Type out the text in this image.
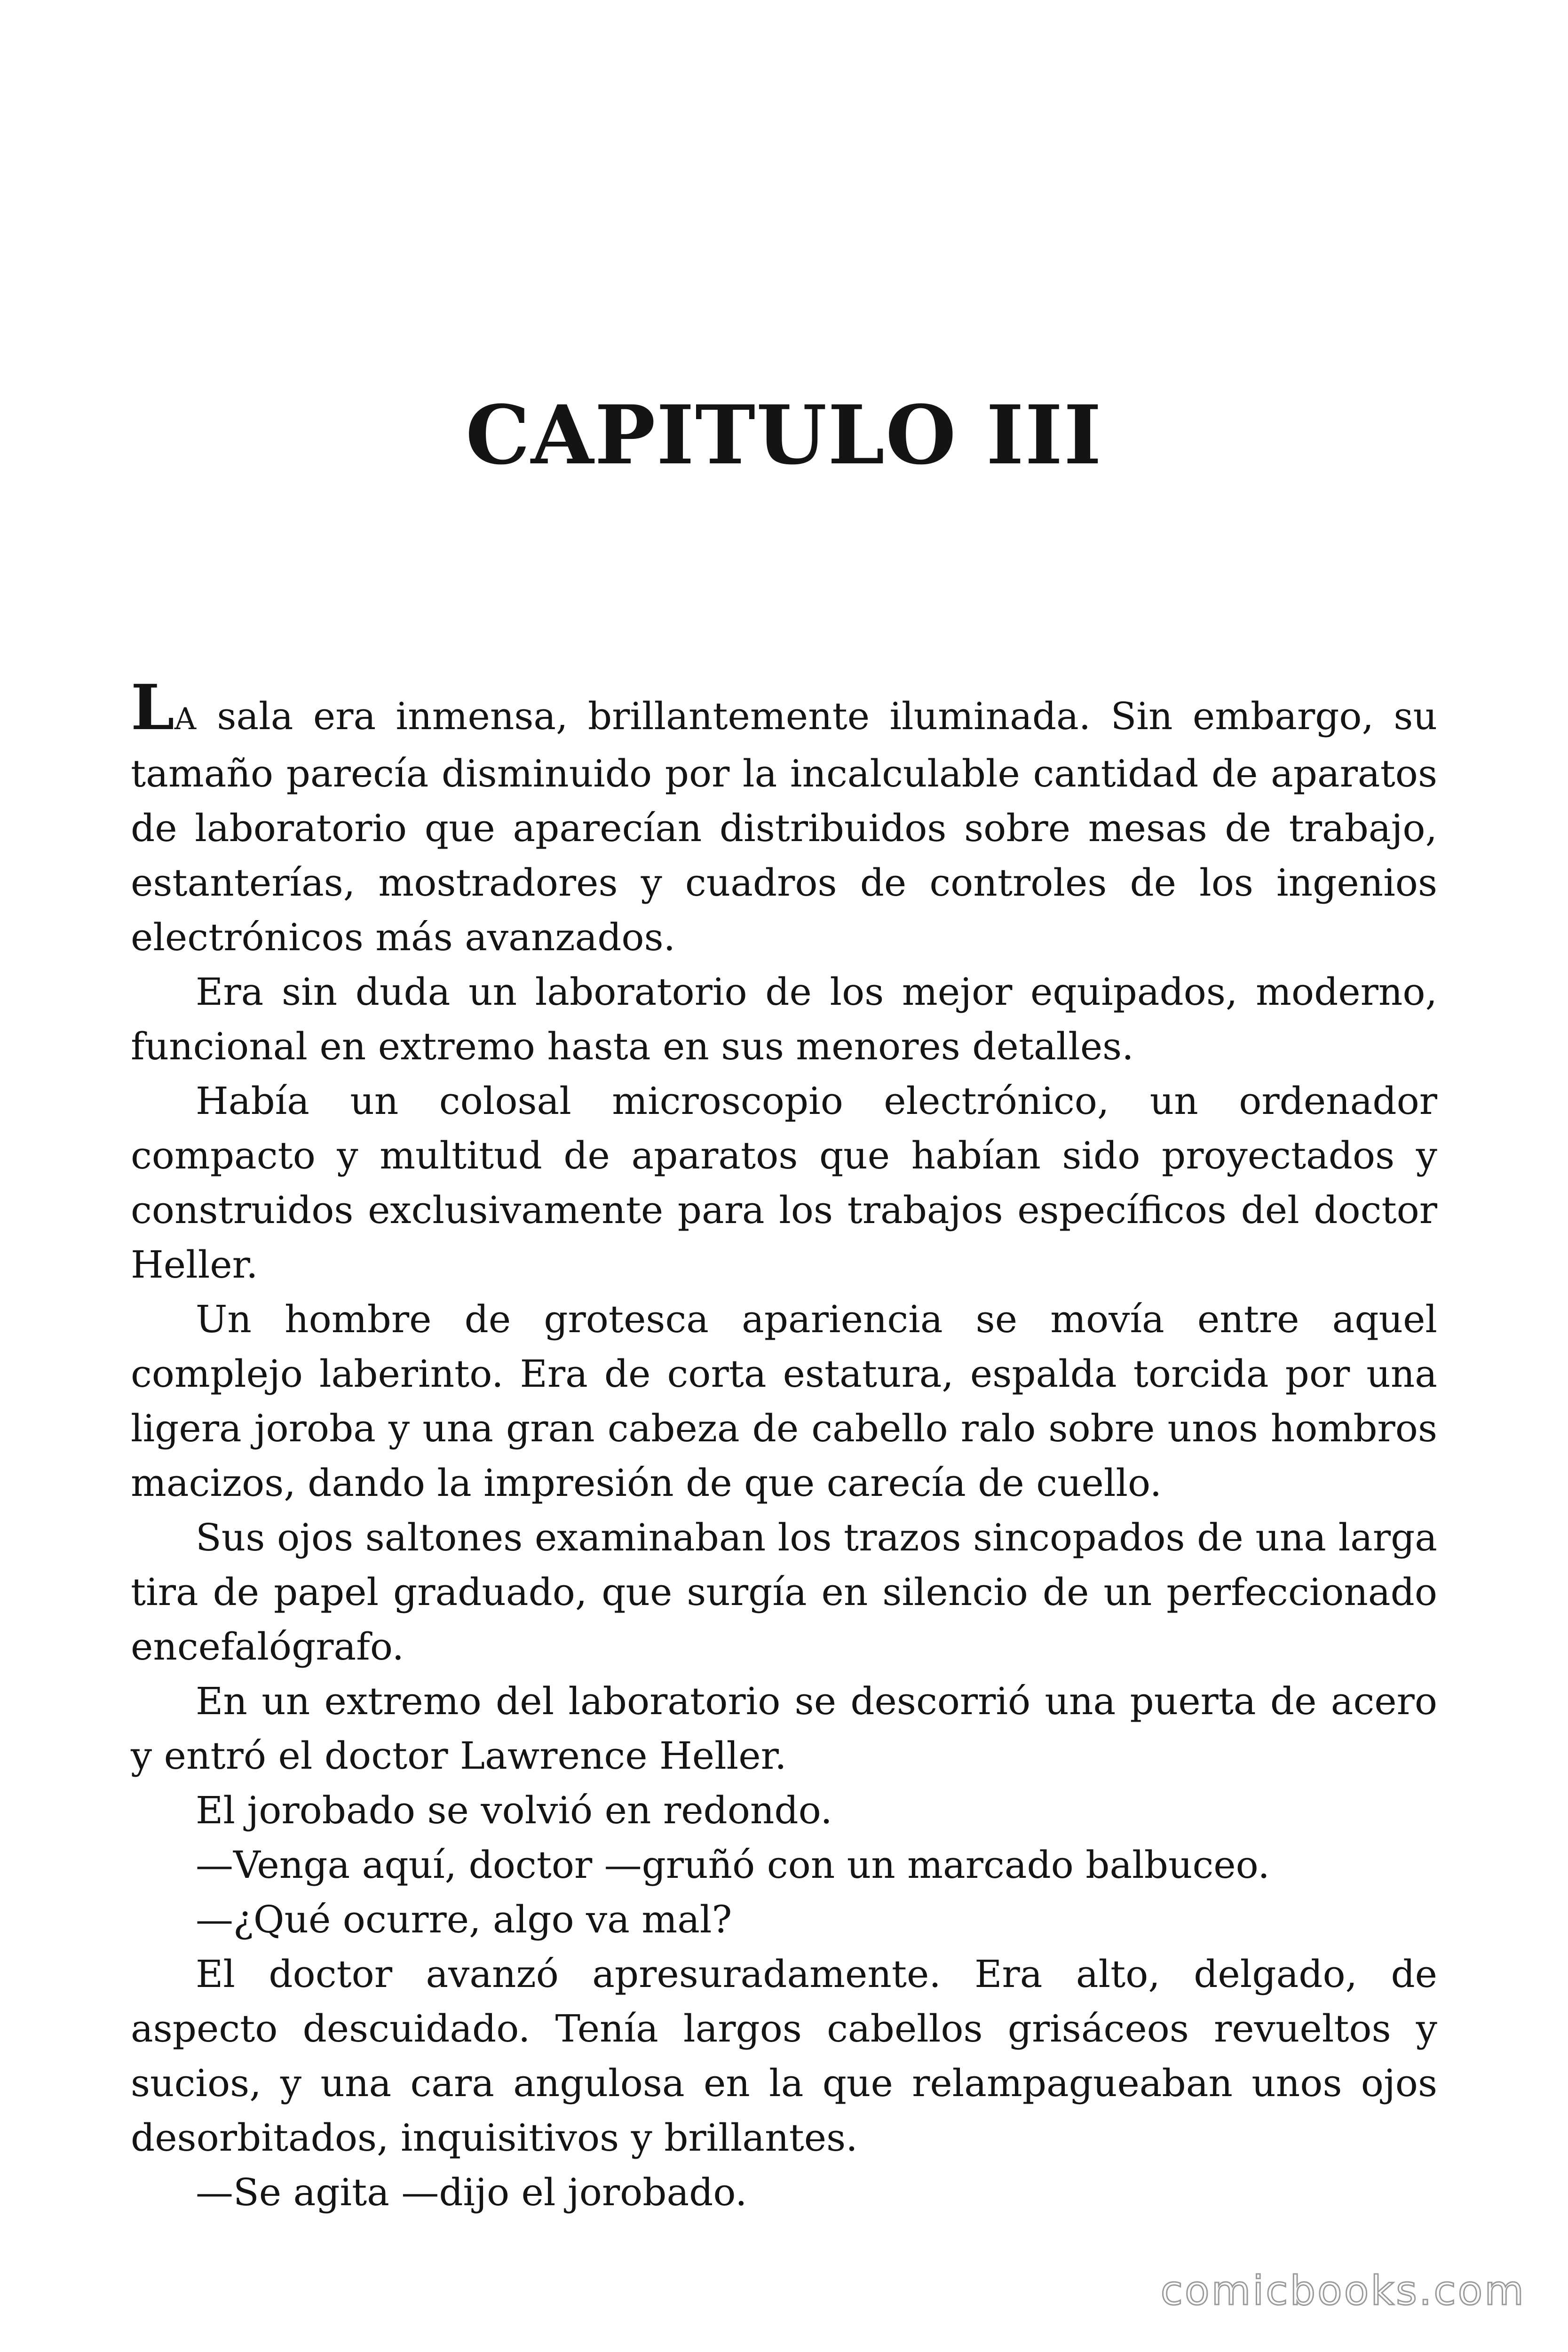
CAPITULO III

LA sala era inmensa, brillantemente iluminada. Sin embargo, su tamaño parecía disminuido por la incalculable cantidad de aparatos de laboratorio que aparecían distribuidos sobre mesas de trabajo, estanterías, mostradores y cuadros de controles de los ingenios electrónicos más avanzados.

Era sin duda un laboratorio de los mejor equipados, moderno, funcional en extremo hasta en sus menores detalles.

Había un colosal microscopio electrónico, un ordenador compacto y multitud de aparatos que habían sido proyectados y construidos exclusivamente para los trabajos específicos del doctor Heller.

Un hombre de grotesca apariencia se movía entre aquel complejo laberinto. Era de corta estatura, espalda torcida por una ligera joroba y una gran cabeza de cabello ralo sobre unos hombros macizos, dando la impresión de que carecía de cuello.

Sus ojos saltones examinaban los trazos sincopados de una larga tira de papel graduado, que surgía en silencio de un perfeccionado encefalógrafo.

En un extremo del laboratorio se descorrió una puerta de acero y entró el doctor Lawrence Heller.

El jorobado se volvió en redondo.

—Venga aquí, doctor —gruñó con un marcado balbuceo.

—¿Qué ocurre, algo va mal?

El doctor avanzó apresuradamente. Era alto, delgado, de aspecto descuidado. Tenía largos cabellos grisáceos revueltos y sucios, y una cara angulosa en la que relampagueaban unos ojos desorbitados, inquisitivos y brillantes.

—Se agita —dijo el jorobado.

comicbooks.com
